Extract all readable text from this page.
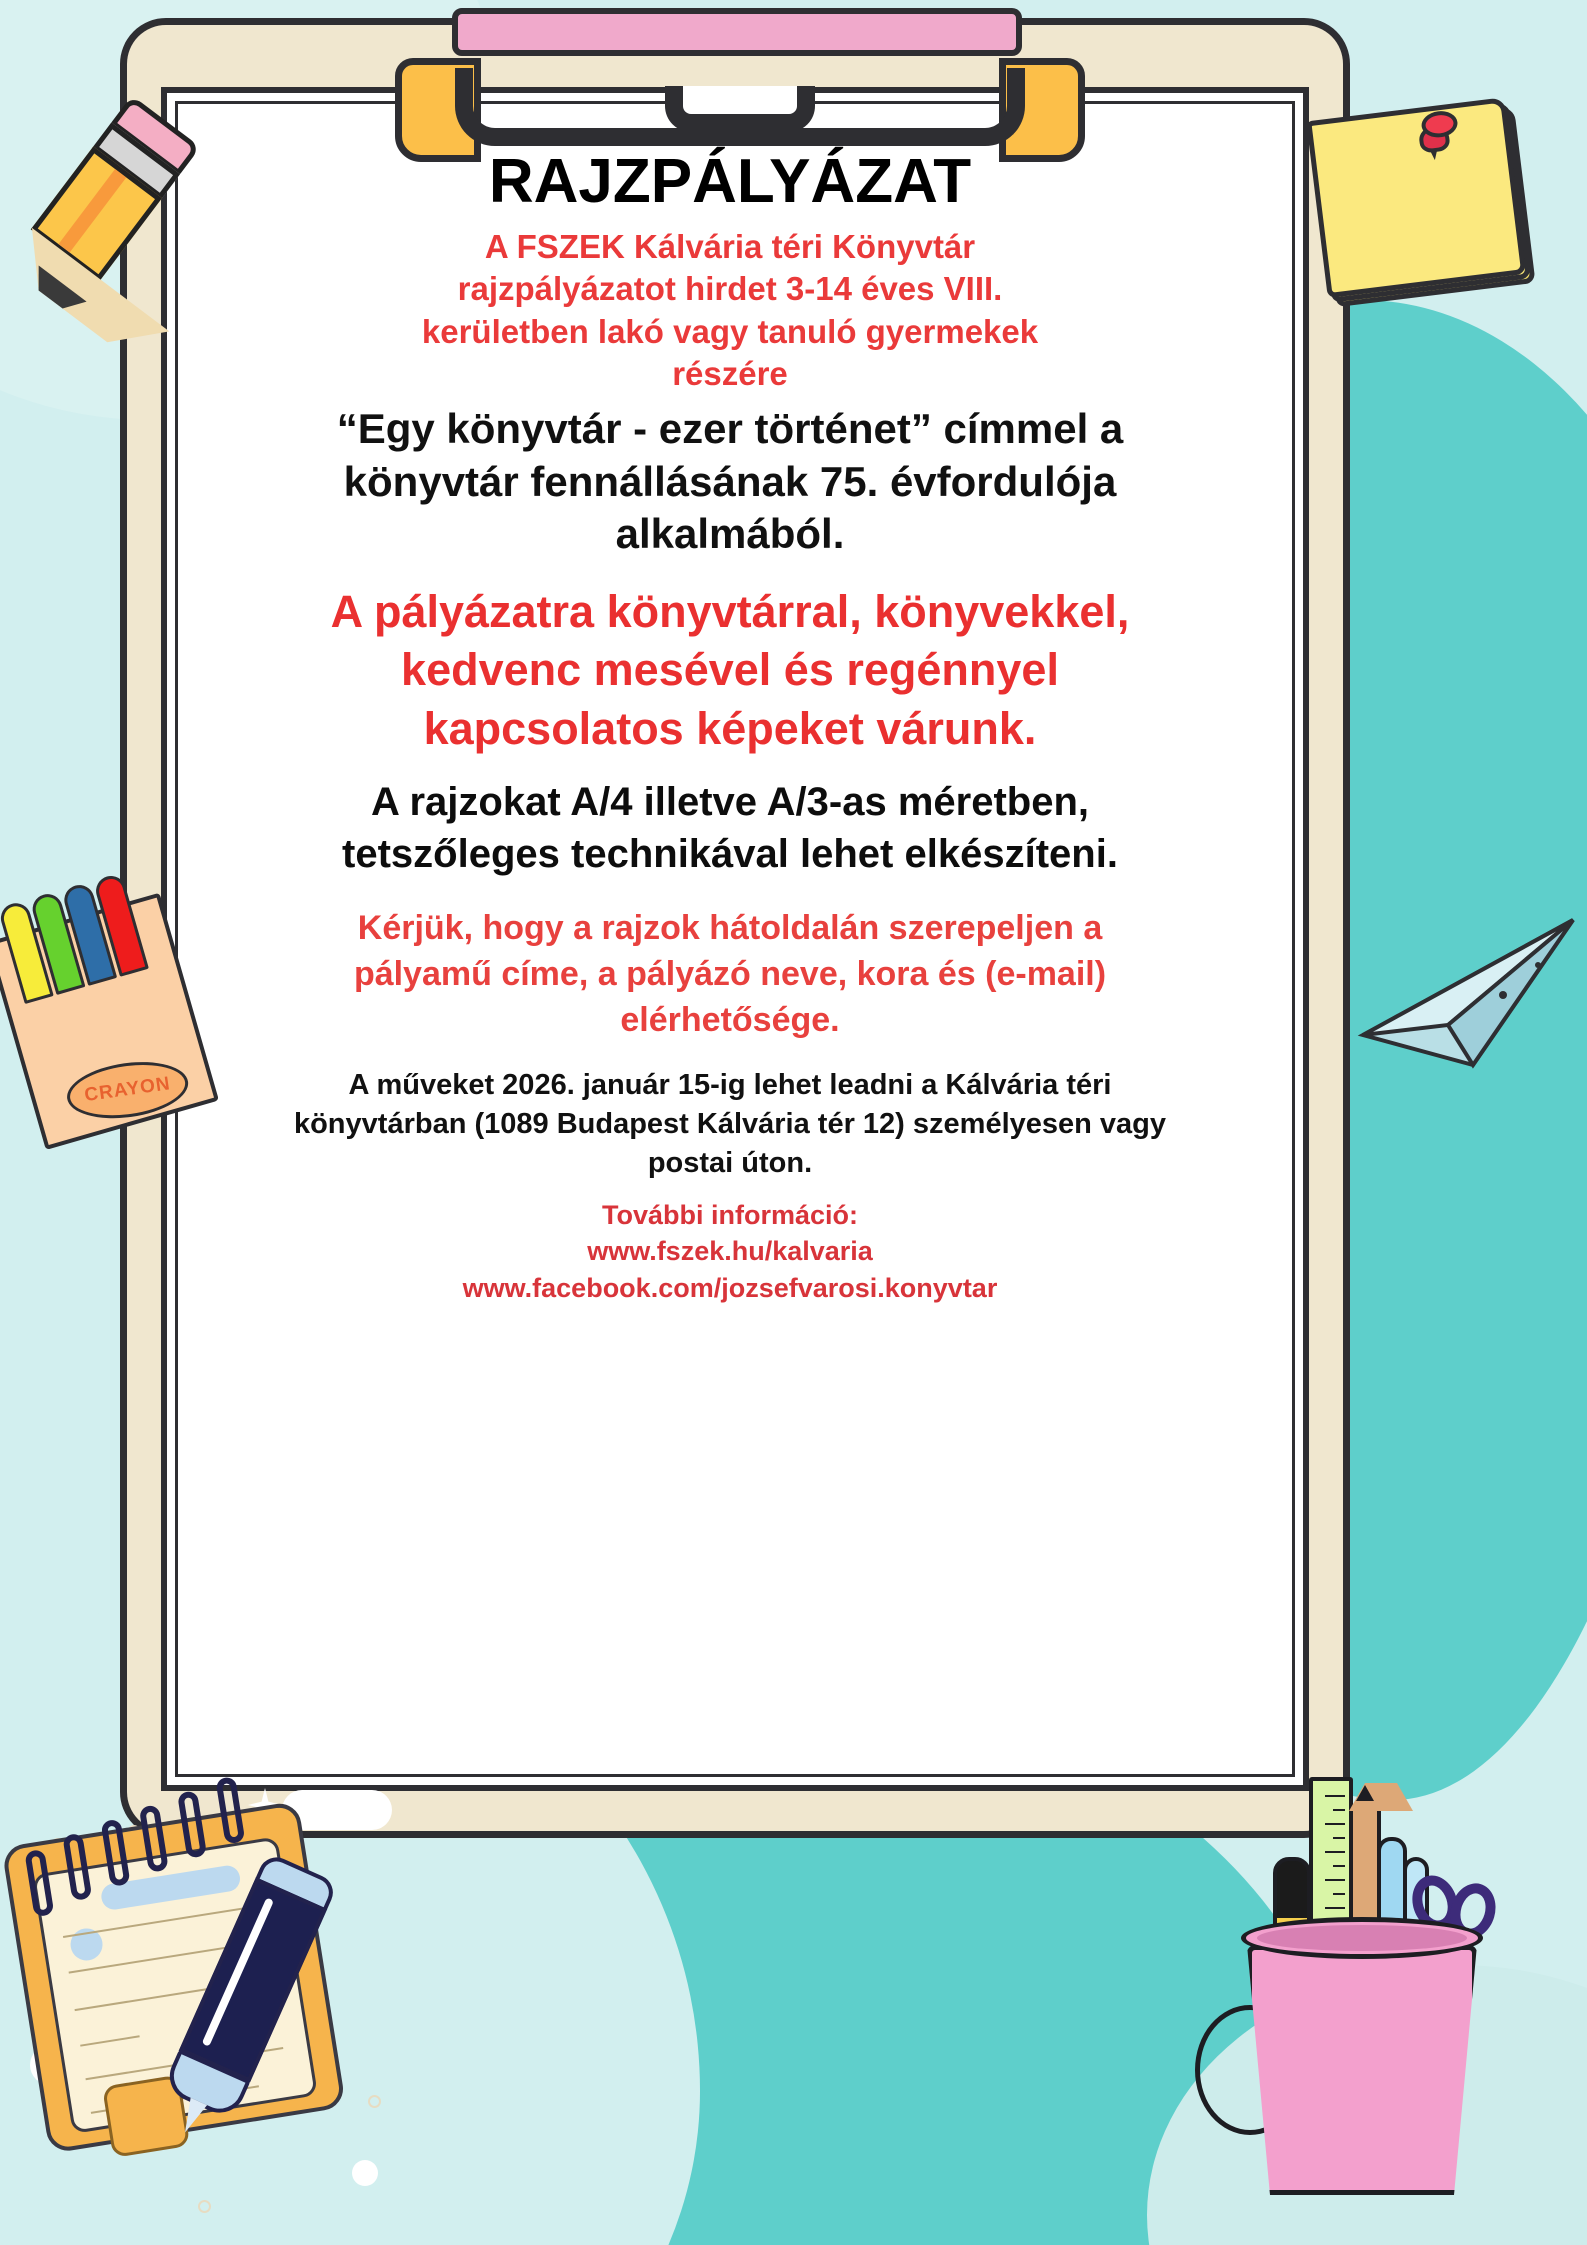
RAJZPÁLYÁZAT
A FSZEK Kálvária téri Könyvtár
rajzpályázatot hirdet 3-14 éves VIII.
kerületben lakó vagy tanuló gyermekek
részére
“Egy könyvtár - ezer történet” címmel a
könyvtár fennállásának 75. évfordulója
alkalmából.
A pályázatra könyvtárral, könyvekkel,
kedvenc mesével és regénnyel
kapcsolatos képeket várunk.
A rajzokat A/4 illetve A/3-as méretben,
tetszőleges technikával lehet elkészíteni.
Kérjük, hogy a rajzok hátoldalán szerepeljen a
pályamű címe, a pályázó neve, kora és (e-mail)
elérhetősége.
A műveket 2026. január 15-ig lehet leadni a Kálvária téri
könyvtárban (1089 Budapest Kálvária tér 12) személyesen vagy
postai úton.
További információ:
www.fszek.hu/kalvaria
www.facebook.com/jozsefvarosi.konyvtar
CRAYON
